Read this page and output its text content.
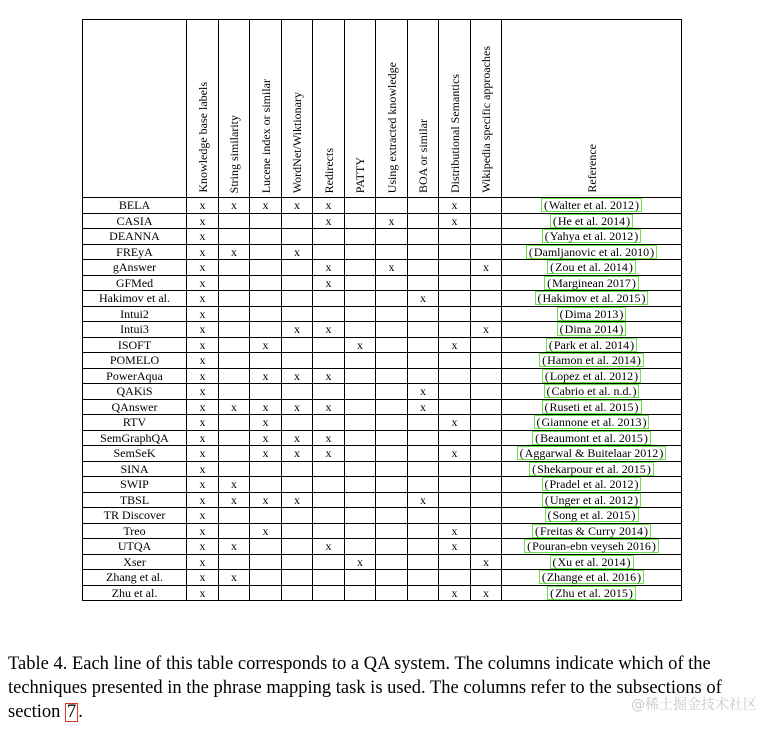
	Knowledge base labels	String similarity	Lucene index or similar	WordNet/Wiktionary	Redirects	PATTY	Using extracted knowledge	BOA or similar	Distributional Semantics	Wikipedia specific approaches	Reference

BELA	x	x	x	x	x				x		(Walter et al. 2012)
CASIA	x				x		x		x		(He et al. 2014)
DEANNA	x										(Yahya et al. 2012)
FREyA	x	x		x							(Damljanovic et al. 2010)
gAnswer	x				x		x			x	(Zou et al. 2014)
GFMed	x				x						(Marginean 2017)
Hakimov et al.	x							x			(Hakimov et al. 2015)
Intui2	x										(Dima 2013)
Intui3	x			x	x					x	(Dima 2014)
ISOFT	x		x			x			x		(Park et al. 2014)
POMELO	x										(Hamon et al. 2014)
PowerAqua	x		x	x	x						(Lopez et al. 2012)
QAKiS	x							x			(Cabrio et al. n.d.)
QAnswer	x	x	x	x	x			x			(Ruseti et al. 2015)
RTV	x		x						x		(Giannone et al. 2013)
SemGraphQA	x		x	x	x						(Beaumont et al. 2015)
SemSeK	x		x	x	x				x		(Aggarwal & Buitelaar 2012)
SINA	x										(Shekarpour et al. 2015)
SWIP	x	x									(Pradel et al. 2012)
TBSL	x	x	x	x				x			(Unger et al. 2012)
TR Discover	x										(Song et al. 2015)
Treo	x		x						x		(Freitas & Curry 2014)
UTQA	x	x			x				x		(Pouran-ebn veyseh 2016)
Xser	x					x				x	(Xu et al. 2014)
Zhang et al.	x	x									(Zhange et al. 2016)
Zhu et al.	x								x	x	(Zhu et al. 2015)

Table 4. Each line of this table corresponds to a QA system. The columns indicate which of the techniques presented in the phrase mapping task is used. The columns refer to the subsections of section 7 .	@稀土掘金技术社区
